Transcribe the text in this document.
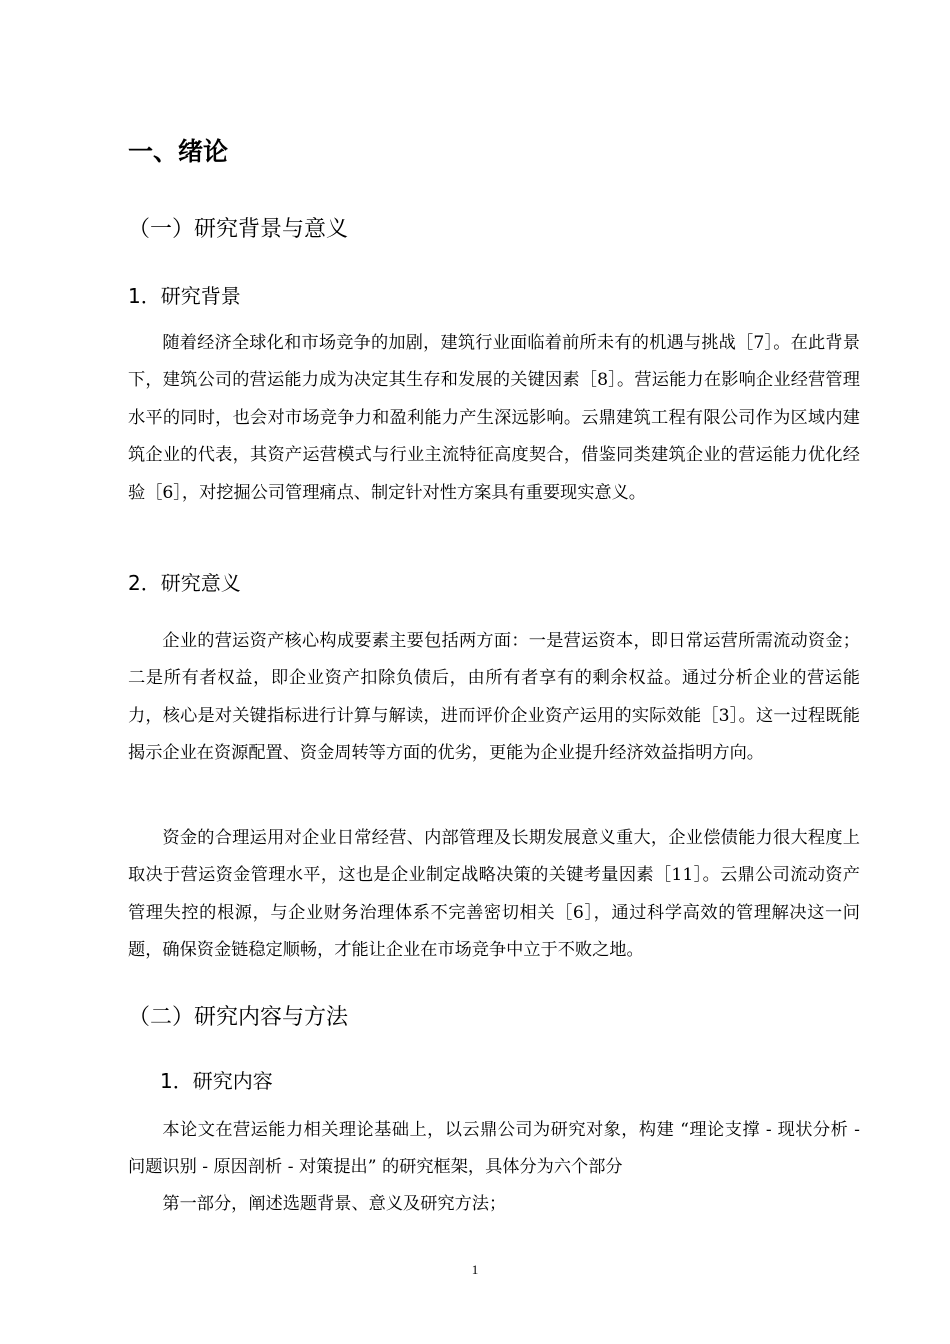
一、绪论
（一）研究背景与意义
1．研究背景

随着经济全球化和市场竞争的加剧，建筑行业面临着前所未有的机遇与挑战［7］。在此背景下，建筑公司的营运能力成为决定其生存和发展的关键因素［8］。营运能力在影响企业经营管理水平的同时，也会对市场竞争力和盈利能力产生深远影响。云鼎建筑工程有限公司作为区域内建筑企业的代表，其资产运营模式与行业主流特征高度契合，借鉴同类建筑企业的营运能力优化经验［6］，对挖掘公司管理痛点、制定针对性方案具有重要现实意义。

2．研究意义

企业的营运资产核心构成要素主要包括两方面：一是营运资本，即日常运营所需流动资金；二是所有者权益，即企业资产扣除负债后，由所有者享有的剩余权益。通过分析企业的营运能力，核心是对关键指标进行计算与解读，进而评价企业资产运用的实际效能［3］。这一过程既能揭示企业在资源配置、资金周转等方面的优劣，更能为企业提升经济效益指明方向。

资金的合理运用对企业日常经营、内部管理及长期发展意义重大，企业偿债能力很大程度上取决于营运资金管理水平，这也是企业制定战略决策的关键考量因素［11］。云鼎公司流动资产管理失控的根源，与企业财务治理体系不完善密切相关［6］，通过科学高效的管理解决这一问题，确保资金链稳定顺畅，才能让企业在市场竞争中立于不败之地。

（二）研究内容与方法
1．研究内容

本论文在营运能力相关理论基础上，以云鼎公司为研究对象，构建 “理论支撑 - 现状分析 - 问题识别 - 原因剖析 - 对策提出” 的研究框架，具体分为六个部分

第一部分，阐述选题背景、意义及研究方法；

1
